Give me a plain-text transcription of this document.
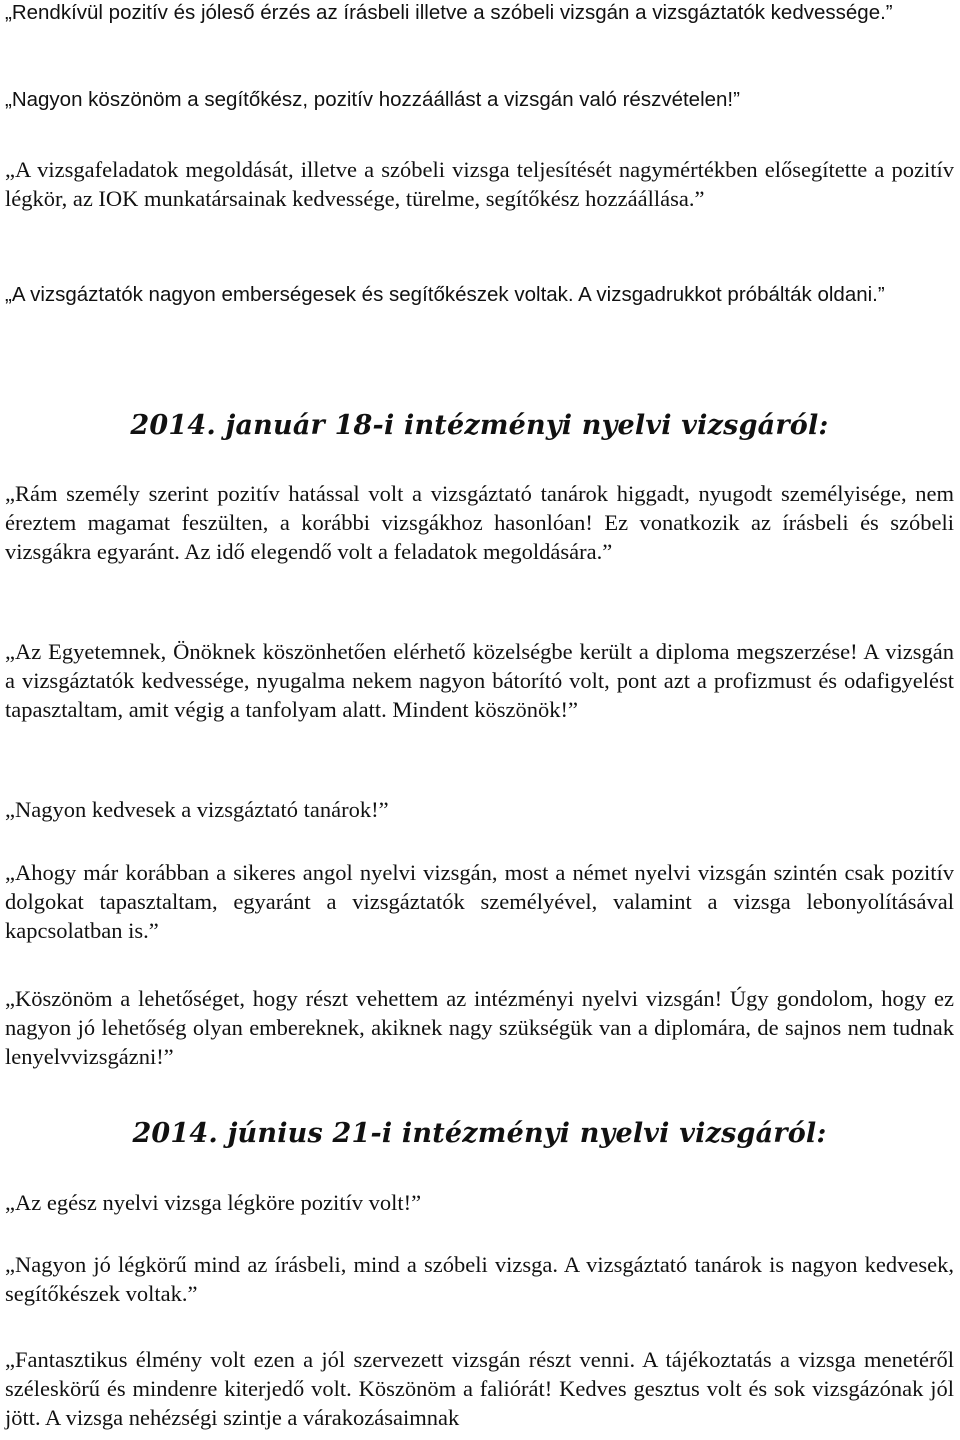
„Rendkívül pozitív és jóleső érzés az írásbeli illetve a szóbeli vizsgán a vizsgáztatók kedvessége.”

„Nagyon köszönöm a segítőkész, pozitív hozzáállást a vizsgán való részvételen!”

„A vizsgafeladatok megoldását, illetve a szóbeli vizsga teljesítését nagymértékben elősegítette a pozitív légkör, az IOK munkatársainak kedvessége, türelme, segítőkész hozzáállása.”

„A vizsgáztatók nagyon emberségesek és segítőkészek voltak. A vizsgadrukkot próbálták oldani.”

2014. január 18-i intézményi nyelvi vizsgáról:

„Rám személy szerint pozitív hatással volt a vizsgáztató tanárok higgadt, nyugodt személyisége, nem éreztem magamat feszülten, a korábbi vizsgákhoz hasonlóan! Ez vonatkozik az írásbeli és szóbeli vizsgákra egyaránt. Az idő elegendő volt a feladatok megoldására.”

„Az Egyetemnek, Önöknek köszönhetően elérhető közelségbe került a diploma megszerzése! A vizsgán a vizsgáztatók kedvessége, nyugalma nekem nagyon bátorító volt, pont azt a profizmust és odafigyelést tapasztaltam, amit végig a tanfolyam alatt. Mindent köszönök!”

„Nagyon kedvesek a vizsgáztató tanárok!”

„Ahogy már korábban a sikeres angol nyelvi vizsgán, most a német nyelvi vizsgán szintén csak pozitív dolgokat tapasztaltam, egyaránt a vizsgáztatók személyével, valamint a vizsga lebonyolításával kapcsolatban is.”

„Köszönöm a lehetőséget, hogy részt vehettem az intézményi nyelvi vizsgán! Úgy gondolom, hogy ez nagyon jó lehetőség olyan embereknek, akiknek nagy szükségük van a diplomára, de sajnos nem tudnak lenyelvvizsgázni!”

2014. június 21-i intézményi nyelvi vizsgáról:

„Az egész nyelvi vizsga légköre pozitív volt!”

„Nagyon jó légkörű mind az írásbeli, mind a szóbeli vizsga. A vizsgáztató tanárok is nagyon kedvesek, segítőkészek voltak.”

„Fantasztikus élmény volt ezen a jól szervezett vizsgán részt venni. A tájékoztatás a vizsga menetéről széleskörű és mindenre kiterjedő volt. Köszönöm a faliórát! Kedves gesztus volt és sok vizsgázónak jól jött. A vizsga nehézségi szintje a várakozásaimnak
